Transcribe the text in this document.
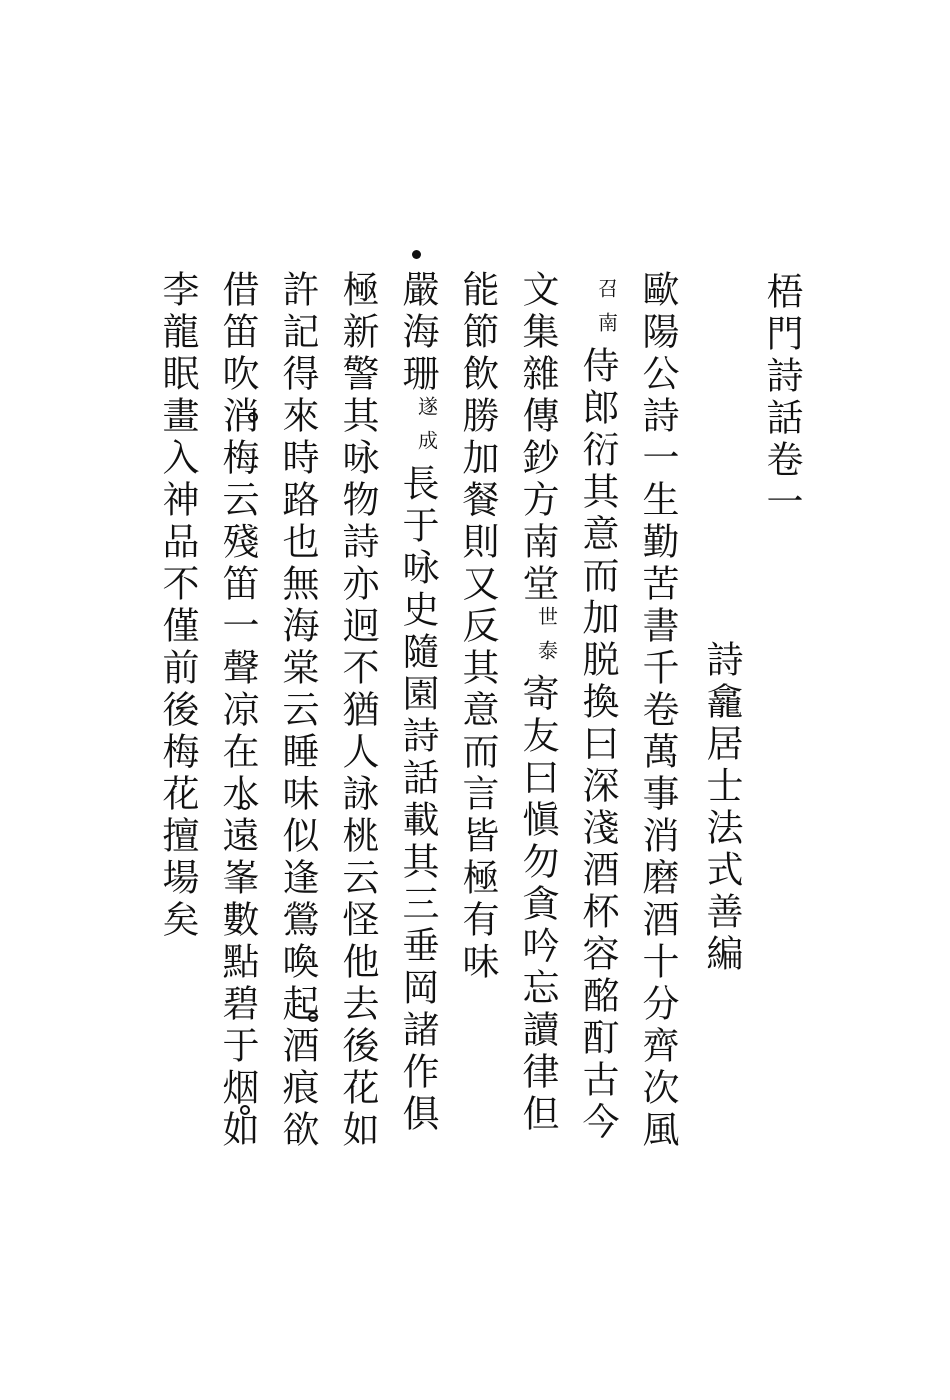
梧門詩話卷一
詩龕居士法式善編
歐陽公詩一生勤苦書千卷萬事消磨酒十分齊次風
召南侍郎衍其意而加脱換曰深淺酒杯容酩酊古今
文集雜傳鈔方南堂世泰寄友曰愼勿貪吟忘讀律但
能節飲勝加餐則又反其意而言皆極有味
嚴海珊遂成長于咏史隨園詩話載其三垂岡諸作俱
極新警其咏物詩亦迥不猶人詠桃云怪他去後花如
許記得來時路也無海棠云睡味似逢鶯喚起酒痕欲
借笛吹消梅云殘笛一聲凉在水遠峯數點碧于烟如
李龍眠畫入神品不僅前後梅花擅場矣
